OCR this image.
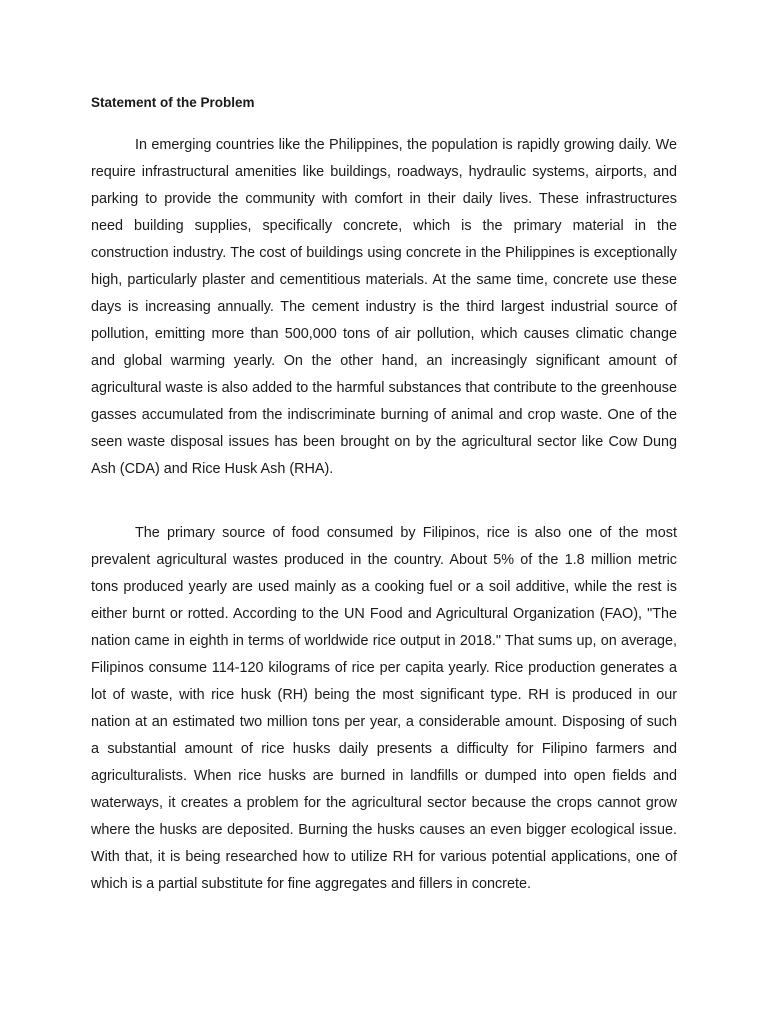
Statement of the Problem

In emerging countries like the Philippines, the population is rapidly growing daily. We require infrastructural amenities like buildings, roadways, hydraulic systems, airports, and parking to provide the community with comfort in their daily lives. These infrastructures need building supplies, specifically concrete, which is the primary material in the construction industry. The cost of buildings using concrete in the Philippines is exceptionally high, particularly plaster and cementitious materials. At the same time, concrete use these days is increasing annually. The cement industry is the third largest industrial source of pollution, emitting more than 500,000 tons of air pollution, which causes climatic change and global warming yearly. On the other hand, an increasingly significant amount of agricultural waste is also added to the harmful substances that contribute to the greenhouse gasses accumulated from the indiscriminate burning of animal and crop waste. One of the seen waste disposal issues has been brought on by the agricultural sector like Cow Dung Ash (CDA) and Rice Husk Ash (RHA).

The primary source of food consumed by Filipinos, rice is also one of the most prevalent agricultural wastes produced in the country. About 5% of the 1.8 million metric tons produced yearly are used mainly as a cooking fuel or a soil additive, while the rest is either burnt or rotted. According to the UN Food and Agricultural Organization (FAO), "The nation came in eighth in terms of worldwide rice output in 2018." That sums up, on average, Filipinos consume 114-120 kilograms of rice per capita yearly. Rice production generates a lot of waste, with rice husk (RH) being the most significant type. RH is produced in our nation at an estimated two million tons per year, a considerable amount. Disposing of such a substantial amount of rice husks daily presents a difficulty for Filipino farmers and agriculturalists. When rice husks are burned in landfills or dumped into open fields and waterways, it creates a problem for the agricultural sector because the crops cannot grow where the husks are deposited. Burning the husks causes an even bigger ecological issue. With that, it is being researched how to utilize RH for various potential applications, one of which is a partial substitute for fine aggregates and fillers in concrete.
